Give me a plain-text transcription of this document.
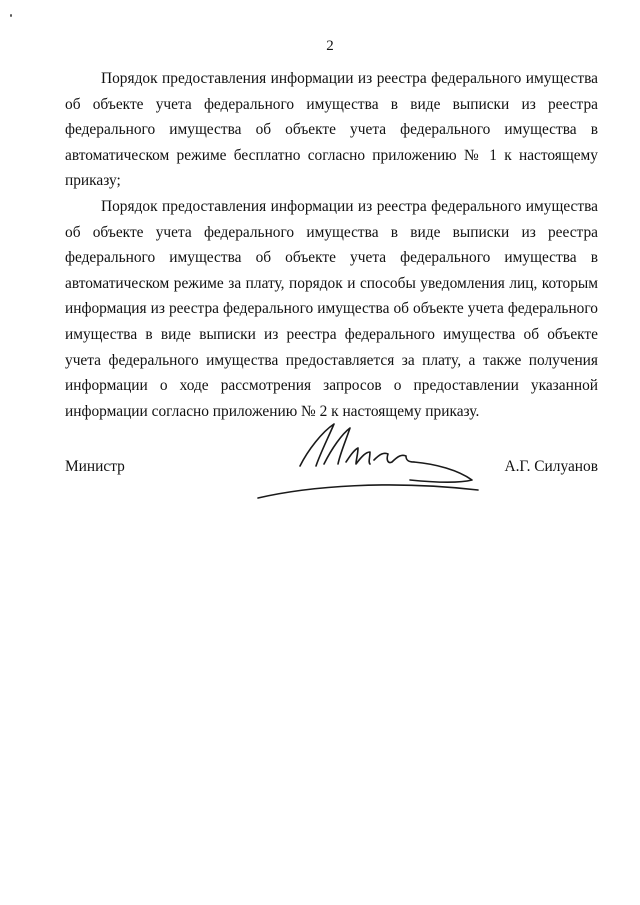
2

Порядок предоставления информации из реестра федерального имущества об объекте учета федерального имущества в виде выписки из реестра федерального имущества об объекте учета федерального имущества в автоматическом режиме бесплатно согласно приложению № 1 к настоящему приказу;

Порядок предоставления информации из реестра федерального имущества об объекте учета федерального имущества в виде выписки из реестра федерального имущества об объекте учета федерального имущества в автоматическом режиме за плату, порядок и способы уведомления лиц, которым информация из реестра федерального имущества об объекте учета федерального имущества в виде выписки из реестра федерального имущества об объекте учета федерального имущества предоставляется за плату, а также получения информации о ходе рассмотрения запросов о предоставлении указанной информации согласно приложению № 2 к настоящему приказу.

Министр	А.Г. Силуанов
